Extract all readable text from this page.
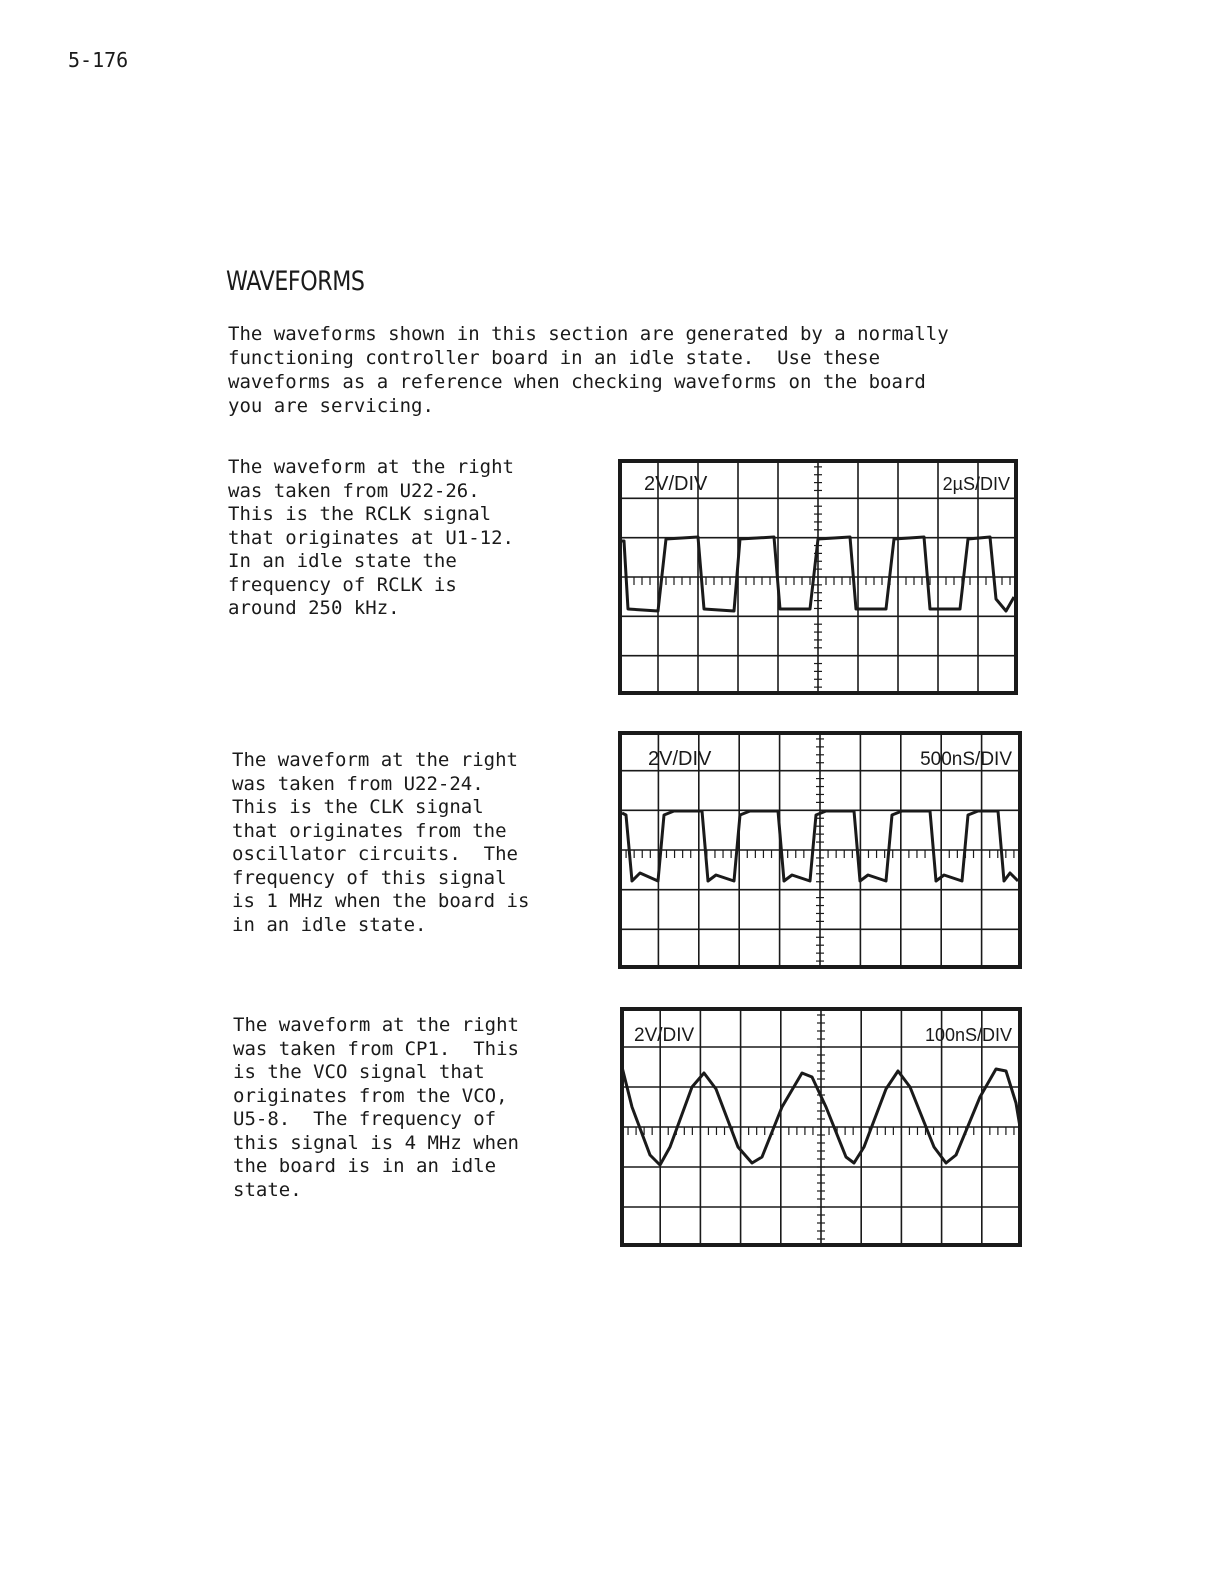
5-176
WAVEFORMS

The waveforms shown in this section are generated by a normally
functioning controller board in an idle state.  Use these
waveforms as a reference when checking waveforms on the board
you are servicing.

The waveform at the right
was taken from U22-26.
This is the RCLK signal
that originates at U1-12.
In an idle state the
frequency of RCLK is
around 250 kHz.

2V/DIV	2µS/DIV

The waveform at the right
was taken from U22-24.
This is the CLK signal
that originates from the
oscillator circuits.  The
frequency of this signal
is 1 MHz when the board is
in an idle state.

2V/DIV	500nS/DIV

The waveform at the right
was taken from CP1.  This
is the VCO signal that
originates from the VCO,
U5-8.  The frequency of
this signal is 4 MHz when
the board is in an idle
state.

2V/DIV	100nS/DIV
